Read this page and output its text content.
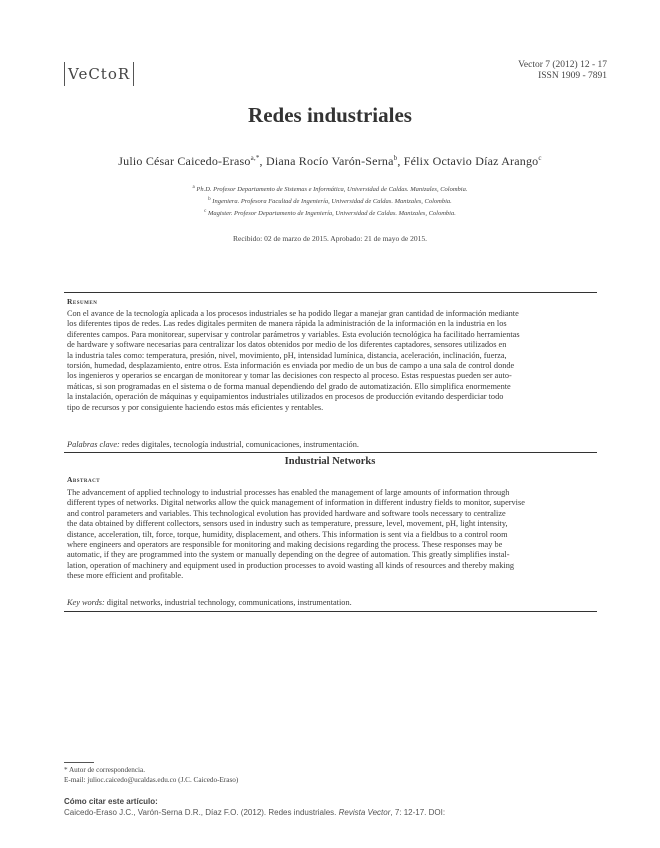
VeCtoR	Vector 7 (2012) 12 - 17
ISSN 1909 - 7891
Redes industriales
Julio César Caicedo-Eraso$^{a,*}$, Diana Rocío Varón-Serna$^b$, Félix Octavio Díaz Arango$^c$
$^a$ Ph.D. Profesor Departamento de Sistemas e Informática, Universidad de Caldas. Manizales, Colombia.
$^b$ Ingeniera. Profesora Facultad de Ingeniería, Universidad de Caldas. Manizales, Colombia.
$^c$ Magister. Profesor Departamento de Ingeniería, Universidad de Caldas. Manizales, Colombia.
Recibido: 02 de marzo de 2015. Aprobado: 21 de mayo de 2015.
Resumen
Con el avance de la tecnología aplicada a los procesos industriales se ha podido llegar a manejar gran cantidad de información mediante
los diferentes tipos de redes. Las redes digitales permiten de manera rápida la administración de la información en la industria en los
diferentes campos. Para monitorear, supervisar y controlar parámetros y variables. Esta evolución tecnológica ha facilitado herramientas
de hardware y software necesarias para centralizar los datos obtenidos por medio de los diferentes captadores, sensores utilizados en
la industria tales como: temperatura, presión, nivel, movimiento, pH, intensidad lumínica, distancia, aceleración, inclinación, fuerza,
torsión, humedad, desplazamiento, entre otros. Esta información es enviada por medio de un bus de campo a una sala de control donde
los ingenieros y operarios se encargan de monitorear y tomar las decisiones con respecto al proceso. Estas respuestas pueden ser auto-
máticas, si son programadas en el sistema o de forma manual dependiendo del grado de automatización. Ello simplifica enormemente
la instalación, operación de máquinas y equipamientos industriales utilizados en procesos de producción evitando desperdiciar todo
tipo de recursos y por consiguiente haciendo estos más eficientes y rentables.
Palabras clave: redes digitales, tecnología industrial, comunicaciones, instrumentación.
Industrial Networks
Abstract
The advancement of applied technology to industrial processes has enabled the management of large amounts of information through
different types of networks. Digital networks allow the quick management of information in different industry fields to monitor, supervise
and control parameters and variables. This technological evolution has provided hardware and software tools necessary to centralize
the data obtained by different collectors, sensors used in industry such as temperature, pressure, level, movement, pH, light intensity,
distance, acceleration, tilt, force, torque, humidity, displacement, and others. This information is sent via a fieldbus to a control room
where engineers and operators are responsible for monitoring and making decisions regarding the process. These responses may be
automatic, if they are programmed into the system or manually depending on the degree of automation. This greatly simplifies instal-
lation, operation of machinery and equipment used in production processes to avoid wasting all kinds of resources and thereby making
these more efficient and profitable.
Key words: digital networks, industrial technology, communications, instrumentation.
* Autor de correspondencia.
E-mail: julioc.caicedo@ucaldas.edu.co (J.C. Caicedo-Eraso)
Cómo citar este artículo:
Caicedo-Eraso J.C., Varón-Serna D.R., Díaz F.O. (2012). Redes industriales. Revista Vector, 7: 12-17. DOI:
